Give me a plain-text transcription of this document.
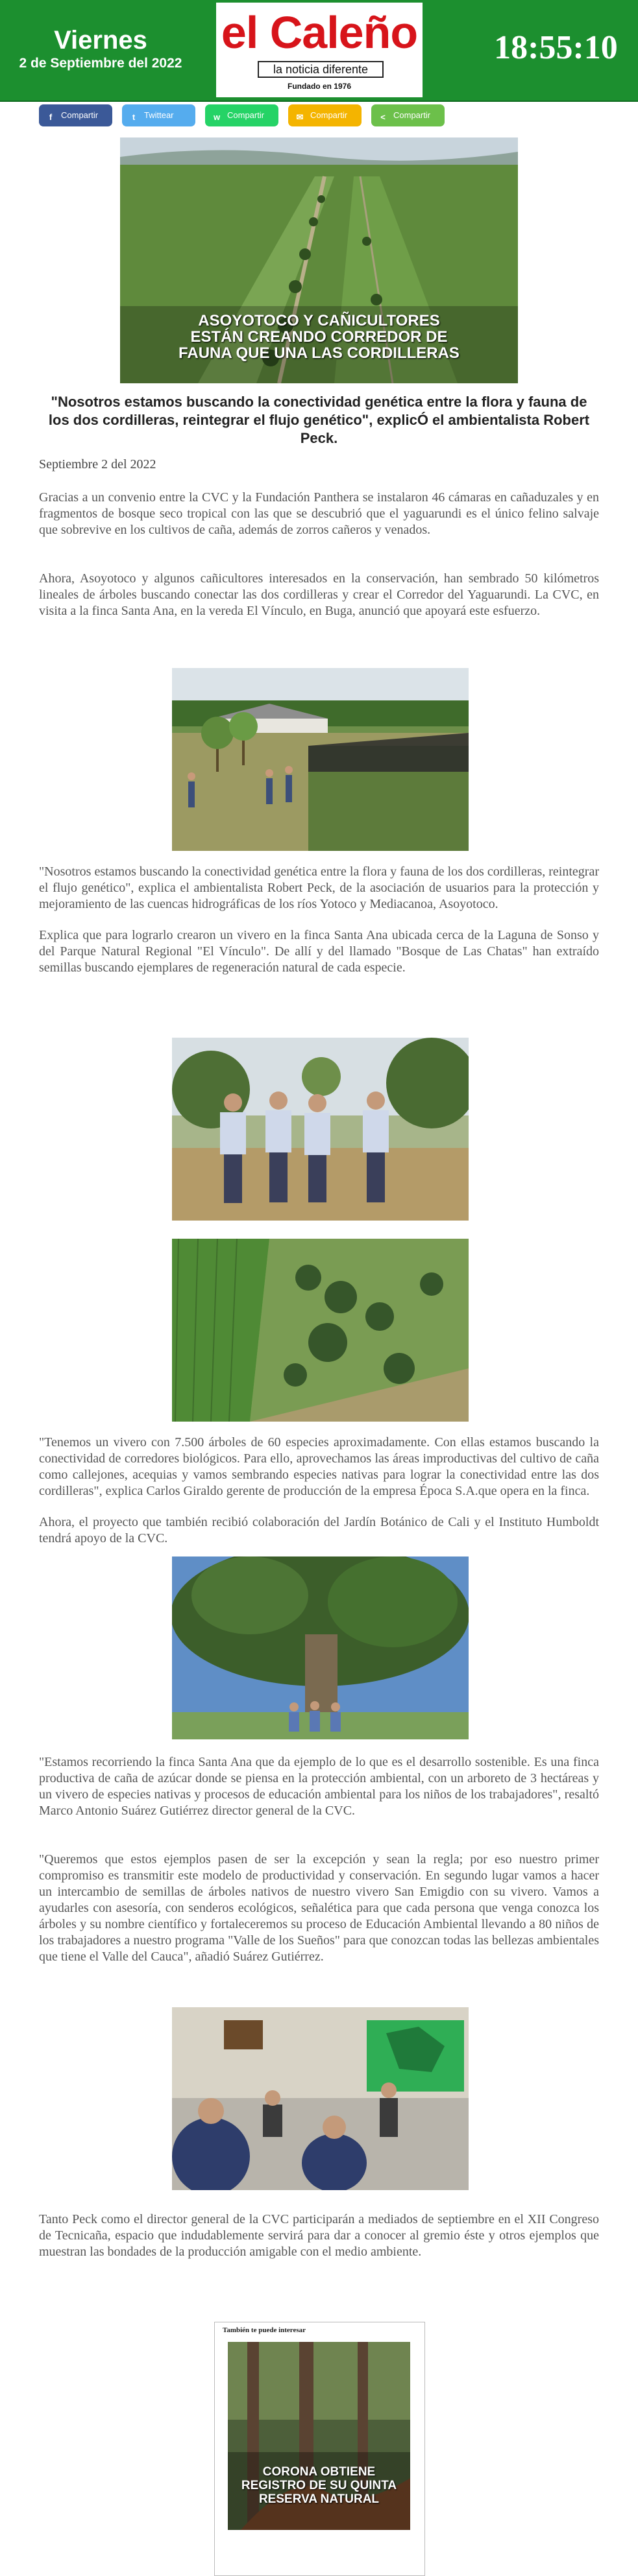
Viernes
2 de Septiembre del 2022
el Caleño
la noticia diferente
Fundado en 1976
18:55:10
f Compartir	t Twittear	w Compartir	✉ Compartir	< Compartir
ASOYOTOCO Y CAÑICULTORES ESTÁN CREANDO CORREDOR DE FAUNA QUE UNA LAS CORDILLERAS
"Nosotros estamos buscando la conectividad genética entre la flora y fauna de los dos cordilleras, reintegrar el flujo genético", explicÓ el ambientalista Robert Peck.
Septiembre 2 del 2022
Gracias a un convenio entre la CVC y la Fundación Panthera se instalaron 46 cámaras en cañaduzales y en fragmentos de bosque seco tropical con las que se descubrió que el yaguarundi es el único felino salvaje que sobrevive en los cultivos de caña, además de zorros cañeros y venados.
Ahora, Asoyotoco y algunos cañicultores interesados en la conservación, han sembrado 50 kilómetros lineales de árboles buscando conectar las dos cordilleras y crear el Corredor del Yaguarundi. La CVC, en visita a la finca Santa Ana, en la vereda El Vínculo, en Buga, anunció que apoyará este esfuerzo.
"Nosotros estamos buscando la conectividad genética entre la flora y fauna de los dos cordilleras, reintegrar el flujo genético", explica el ambientalista Robert Peck, de la asociación de usuarios para la protección y mejoramiento de las cuencas hidrográficas de los ríos Yotoco y Mediacanoa, Asoyotoco.
Explica que para lograrlo crearon un vivero en la finca Santa Ana ubicada cerca de la Laguna de Sonso y del Parque Natural Regional "El Vínculo". De allí y del llamado "Bosque de Las Chatas" han extraído semillas buscando ejemplares de regeneración natural de cada especie.
"Tenemos un vivero con 7.500 árboles de 60 especies aproximadamente. Con ellas estamos buscando la conectividad de corredores biológicos. Para ello, aprovechamos las áreas improductivas del cultivo de caña como callejones, acequias y vamos sembrando especies nativas para lograr la conectividad entre las dos cordilleras", explica Carlos Giraldo gerente de producción de la empresa Época S.A.que opera en la finca.
Ahora, el proyecto que también recibió colaboración del Jardín Botánico de Cali y el Instituto Humboldt tendrá apoyo de la CVC.
"Estamos recorriendo la finca Santa Ana que da ejemplo de lo que es el desarrollo sostenible. Es una finca productiva de caña de azúcar donde se piensa en la protección ambiental, con un arboreto de 3 hectáreas y un vivero de especies nativas y procesos de educación ambiental para los niños de los trabajadores", resaltó Marco Antonio Suárez Gutiérrez director general de la CVC.
"Queremos que estos ejemplos pasen de ser la excepción y sean la regla; por eso nuestro primer compromiso es transmitir este modelo de productividad y conservación. En segundo lugar vamos a hacer un intercambio de semillas de árboles nativos de nuestro vivero San Emigdio con su vivero. Vamos a ayudarles con asesoría, con senderos ecológicos, señalética para que cada persona que venga conozca los árboles y su nombre científico y fortaleceremos su proceso de Educación Ambiental llevando a 80 niños de los trabajadores a nuestro programa "Valle de los Sueños" para que conozcan todas las bellezas ambientales que tiene el Valle del Cauca", añadió Suárez Gutiérrez.
Tanto Peck como el director general de la CVC participarán a mediados de septiembre en el XII Congreso de Tecnicaña, espacio que indudablemente servirá para dar a conocer al gremio éste y otros ejemplos que muestran las bondades de la producción amigable con el medio ambiente.
También te puede interesar
CORONA OBTIENE REGISTRO DE SU QUINTA RESERVA NATURAL
